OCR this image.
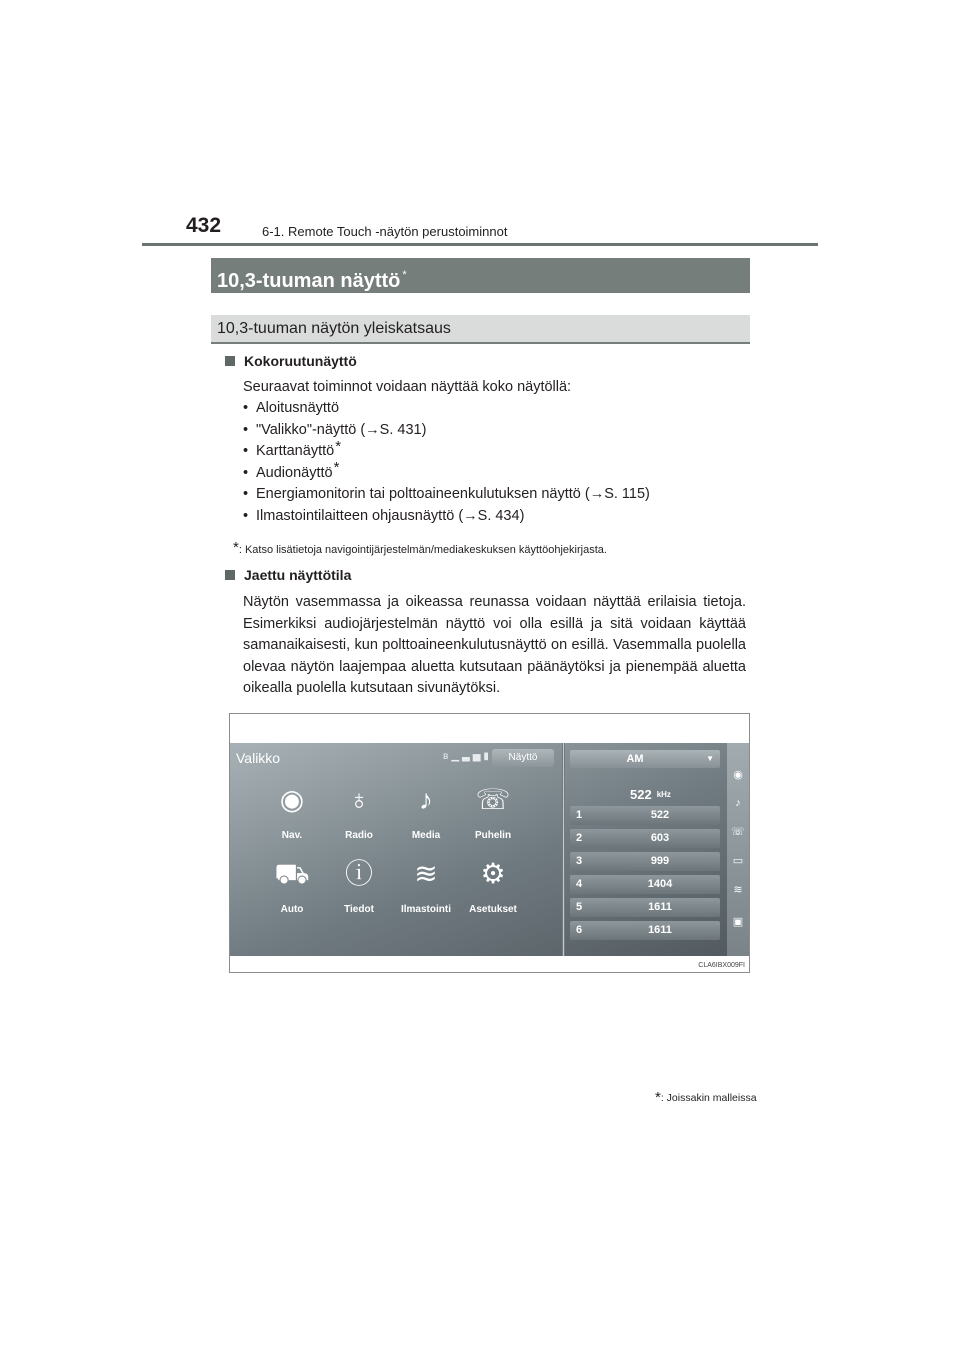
432	6-1. Remote Touch -näytön perustoiminnot
10,3-tuuman näyttö *
10,3-tuuman näytön yleiskatsaus
Kokoruutunäyttö
Seuraavat toiminnot voidaan näyttää koko näytöllä:
• Aloitusnäyttö
• "Valikko"-näyttö (→S. 431)
• Karttanäyttö*
• Audionäyttö*
• Energiamonitorin tai polttoaineenkulutuksen näyttö (→S. 115)
• Ilmastointilaitteen ohjausnäyttö (→S. 434)
*: Katso lisätietoja navigointijärjestelmän/mediakeskuksen käyttöohjekirjasta.
Jaettu näyttötila
Näytön vasemmassa ja oikeassa reunassa voidaan näyttää erilaisia tietoja. Esimerkiksi audiojärjestelmän näyttö voi olla esillä ja sitä voidaan käyttää samanaikaisesti, kun polttoaineenkulutusnäyttö on esillä. Vasemmalla puolella olevaa näytön laajempaa aluetta kutsutaan päänäytöksi ja pienempää aluetta oikealla puolella kutsutaan sivunäytöksi.
Valikko	ʙ▁▃▅▮	Näyttö
◉
Nav.
♁
Radio
♪
Media
☏
Puhelin
⛟
Auto
ⓘ
Tiedot
≋
Ilmastointi
⚙
Asetukset
AM	▼
522 kHz
1	522
2	603
3	999
4	1404
5	1611
6	1611
◉
♪
☏
▭
≋
▣
CLA6IBX009FI
*: Joissakin malleissa
